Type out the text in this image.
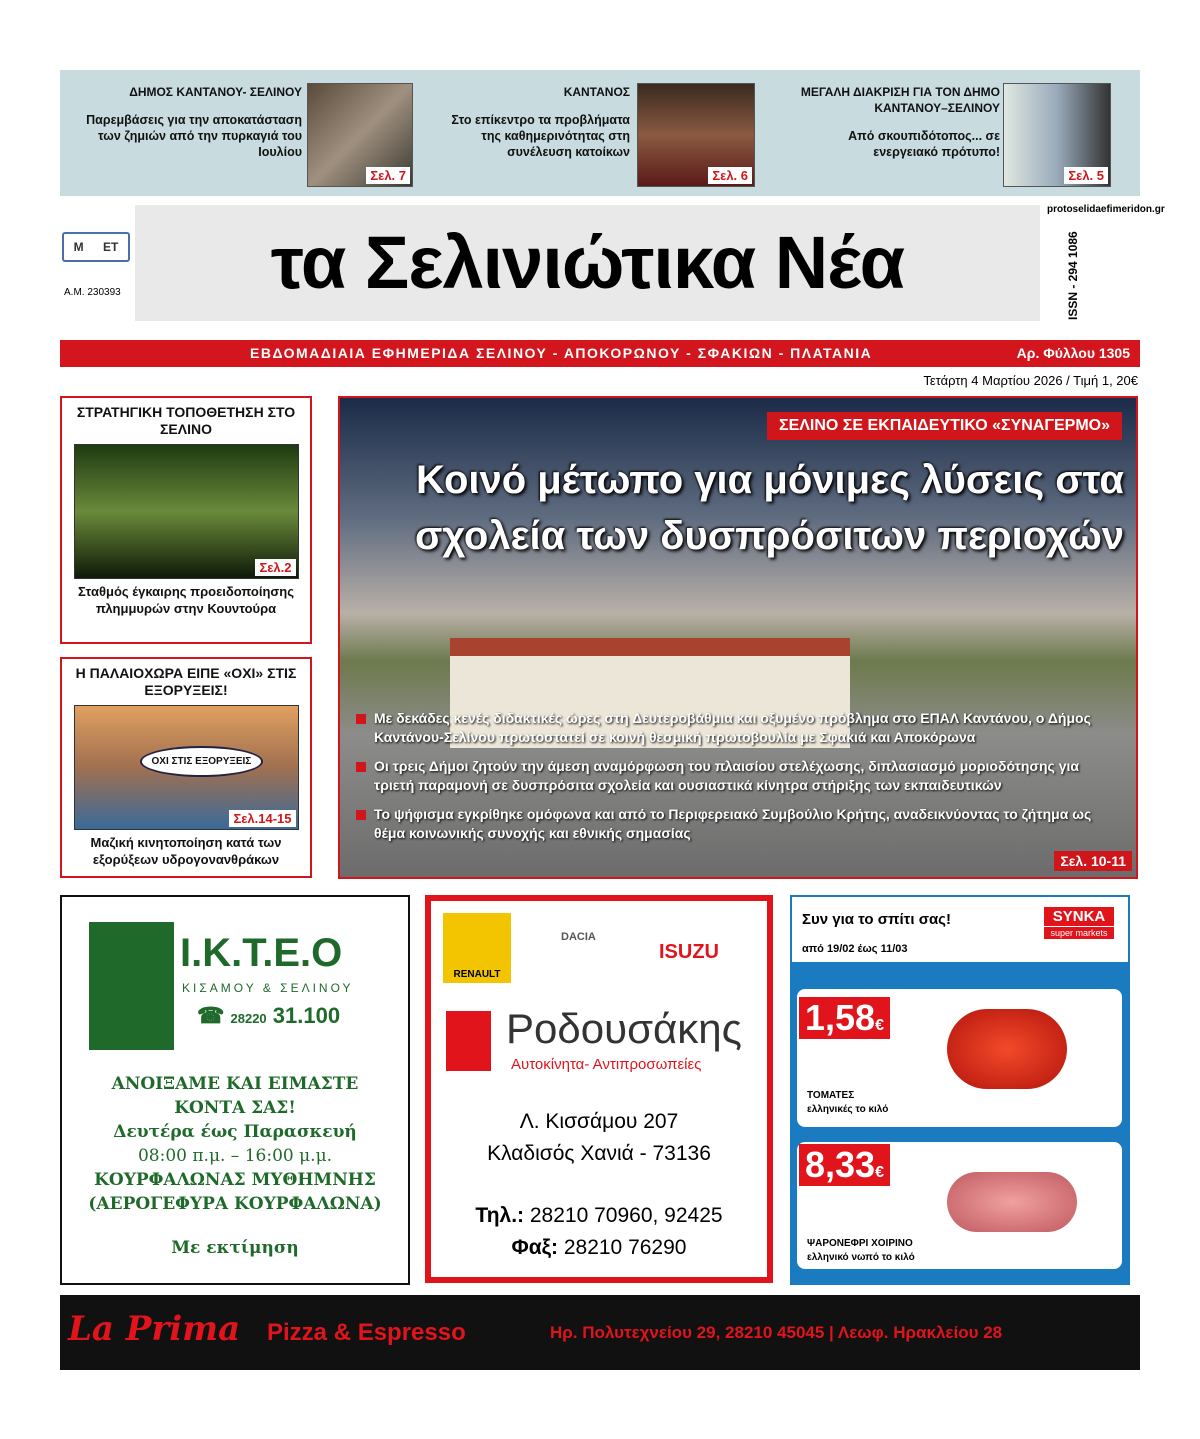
ΔΗΜΟΣ ΚΑΝΤΑΝΟΥ- ΣΕΛΙΝΟΥ
Παρεμβάσεις για την αποκατάσταση των ζημιών από την πυρκαγιά του Ιουλίου
Σελ. 7
ΚΑΝΤΑΝΟΣ
Στο επίκεντρο τα προβλήματα της καθημερινότητας στη συνέλευση κατοίκων
Σελ. 6
ΜΕΓΑΛΗ ΔΙΑΚΡΙΣΗ ΓΙΑ ΤΟΝ ΔΗΜΟ ΚΑΝΤΑΝΟΥ–ΣΕΛΙΝΟΥ
Από σκουπιδότοπος... σε ενεργειακό πρότυπο!
Σελ. 5
Μ ΕΤ
Α.Μ. 230393	τα Σελινιώτικα Νέα	ISSN - 294 1086
protoselidaefimeridon.gr
ΕΒΔΟΜΑΔΙΑΙΑ ΕΦΗΜΕΡΙΔΑ ΣΕΛΙΝΟΥ - ΑΠΟΚΟΡΩΝΟΥ - ΣΦΑΚΙΩΝ - ΠΛΑΤΑΝΙΑ	Αρ. Φύλλου 1305
Τετάρτη 4 Μαρτίου 2026 / Τιμή 1, 20€
ΣΤΡΑΤΗΓΙΚΗ ΤΟΠΟΘΕΤΗΣΗ ΣΤΟ ΣΕΛΙΝΟ
Σελ.2
Σταθμός έγκαιρης προειδοποίησης πλημμυρών στην Κουντούρα
Η ΠΑΛΑΙΟΧΩΡΑ ΕΙΠΕ «ΟΧΙ» ΣΤΙΣ ΕΞΟΡΥΞΕΙΣ!
ΟΧΙ ΣΤΙΣ ΕΞΟΡΥΞΕΙΣ
Σελ.14-15
Μαζική κινητοποίηση κατά των εξορύξεων υδρογονανθράκων
ΣΕΛΙΝΟ ΣΕ ΕΚΠΑΙΔΕΥΤΙΚΟ «ΣΥΝΑΓΕΡΜΟ»
Κοινό μέτωπο για μόνιμες λύσεις στα σχολεία των δυσπρόσιτων περιοχών
Με δεκάδες κενές διδακτικές ώρες στη Δευτεροβάθμια και οξυμένο πρόβλημα στο ΕΠΑΛ Καντάνου, ο Δήμος Καντάνου-Σελίνου πρωτοστατεί σε κοινή θεσμική πρωτοβουλία με Σφακιά και Αποκόρωνα
Οι τρεις Δήμοι ζητούν την άμεση αναμόρφωση του πλαισίου στελέχωσης, διπλασιασμό μοριοδότησης για τριετή παραμονή σε δυσπρόσιτα σχολεία και ουσιαστικά κίνητρα στήριξης των εκπαιδευτικών
Το ψήφισμα εγκρίθηκε ομόφωνα και από το Περιφερειακό Συμβούλιο Κρήτης, αναδεικνύοντας το ζήτημα ως θέμα κοινωνικής συνοχής και εθνικής σημασίας
Σελ. 10-11
Ι.Κ.Τ.Ε.Ο
ΚΙΣΑΜΟΥ & ΣΕΛΙΝΟΥ
☎ 28220 31.100
ΑΝΟΙΞΑΜΕ ΚΑΙ ΕΙΜΑΣΤΕ
ΚΟΝΤΑ ΣΑΣ!
Δευτέρα έως Παρασκευή
08:00 π.μ. – 16:00 μ.μ.
ΚΟΥΡΦΑΛΩΝΑΣ ΜΥΘΗΜΝΗΣ
(ΑΕΡΟΓΕΦΥΡΑ ΚΟΥΡΦΑΛΩΝΑ)
Με εκτίμηση
RENAULT
DACIA
ISUZU
Ροδουσάκης
Αυτοκίνητα- Αντιπροσωπείες
Λ. Κισσάμου 207
Κλαδισός Χανιά - 73136
Τηλ.: 28210 70960, 92425
Φαξ: 28210 76290
Συν για το σπίτι σας!
από 19/02 έως 11/03
SYNKA
super markets
1,58€
ΤΟΜΑΤΕΣ
ελληνικές το κιλό
8,33€
ΨΑΡΟΝΕΦΡΙ ΧΟΙΡΙΝΟ
ελληνικό νωπό το κιλό
La Prima Pizza & Espresso	Ηρ. Πολυτεχνείου 29, 28210 45045 | Λεωφ. Ηρακλείου 28
